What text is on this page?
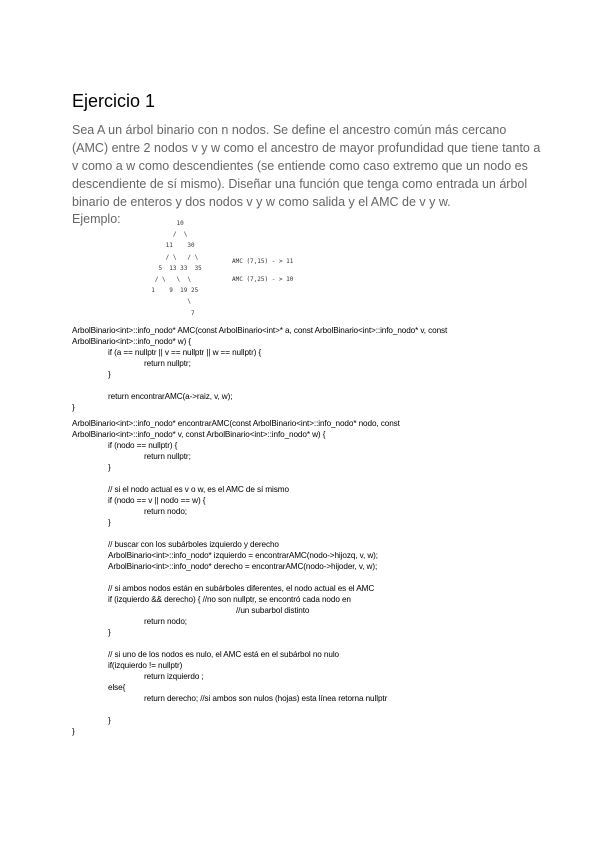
Ejercicio 1
Sea A un árbol binario con n nodos. Se define el ancestro común más cercano
(AMC) entre 2 nodos v y w como el ancestro de mayor profundidad que tiene tanto a
v como a w como descendientes (se entiende como caso extremo que un nodo es
descendiente de sí mismo). Diseñar una función que tenga como entrada un árbol
binario de enteros y dos nodos v y w como salida y el AMC de v y w.
Ejemplo:	10
/  \
11    30
/ \   / \
5  13 33  35
/ \   \  \
1    9  19 25
\
7
AMC (7,15) - > 11
AMC (7,25) - > 10
ArbolBinario<int>::info_nodo* AMC(const ArbolBinario<int>* a, const ArbolBinario<int>::info_nodo* v, const
ArbolBinario<int>::info_nodo* w) {
if (a == nullptr || v == nullptr || w == nullptr) {
return nullptr;
}
return encontrarAMC(a->raiz, v, w);
}
ArbolBinario<int>::info_nodo* encontrarAMC(const ArbolBinario<int>::info_nodo* nodo, const
ArbolBinario<int>::info_nodo* v, const ArbolBinario<int>::info_nodo* w) {
if (nodo == nullptr) {
return nullptr;
}
// si el nodo actual es v o w, es el AMC de sí mismo
if (nodo == v || nodo == w) {
return nodo;
}
// buscar con los subárboles izquierdo y derecho
ArbolBinario<int>::info_nodo* izquierdo = encontrarAMC(nodo->hijozq, v, w);
ArbolBinario<int>::info_nodo* derecho = encontrarAMC(nodo->hijoder, v, w);
// si ambos nodos están en subárboles diferentes, el nodo actual es el AMC
if (izquierdo && derecho) { //no son nullptr, se encontró cada nodo en
//un subarbol distinto
return nodo;
}
// si uno de los nodos es nulo, el AMC está en el subárbol no nulo
if(izquierdo != nullptr)
return izquierdo ;
else{
return derecho; //si ambos son nulos (hojas) esta línea retorna nullptr
}
}
